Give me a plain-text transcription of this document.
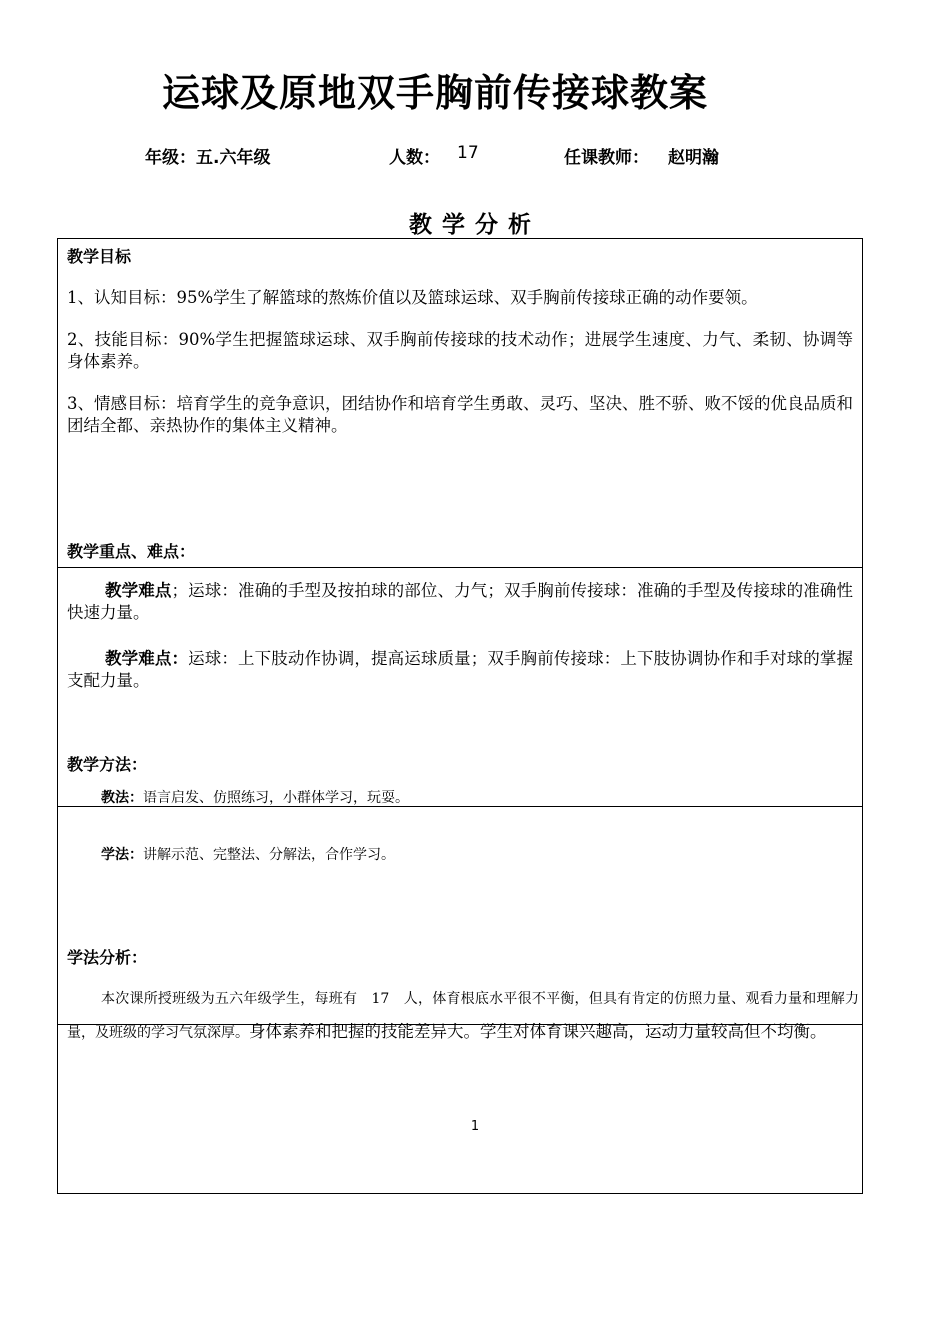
运球及原地双手胸前传接球教案
年级：五.六年级	人数： 17	任课教师： 赵明瀚
教学分析
教学目标
1、认知目标：95%学生了解篮球的熬炼价值以及篮球运球、双手胸前传接球正确的动作要领。
2、技能目标：90%学生把握篮球运球、双手胸前传接球的技术动作；进展学生速度、力气、柔韧、协调等身体素养。
3、情感目标：培育学生的竞争意识，团结协作和培育学生勇敢、灵巧、坚决、胜不骄、败不馁的优良品质和团结全都、亲热协作的集体主义精神。
教学重点、难点：
教学难点；运球：准确的手型及按拍球的部位、力气；双手胸前传接球：准确的手型及传接球的准确性快速力量。
教学难点：运球：上下肢动作协调，提高运球质量；双手胸前传接球：上下肢协调协作和手对球的掌握支配力量。
教学方法：
教法：语言启发、仿照练习，小群体学习，玩耍。
学法：讲解示范、完整法、分解法，合作学习。
学法分析：
本次课所授班级为五六年级学生，每班有　17　人，体育根底水平很不平衡，但具有肯定的仿照力量、观看力量和理解力量，及班级的学习气氛深厚。身体素养和把握的技能差异大。学生对体育课兴趣高，运动力量较高但不均衡。
1
